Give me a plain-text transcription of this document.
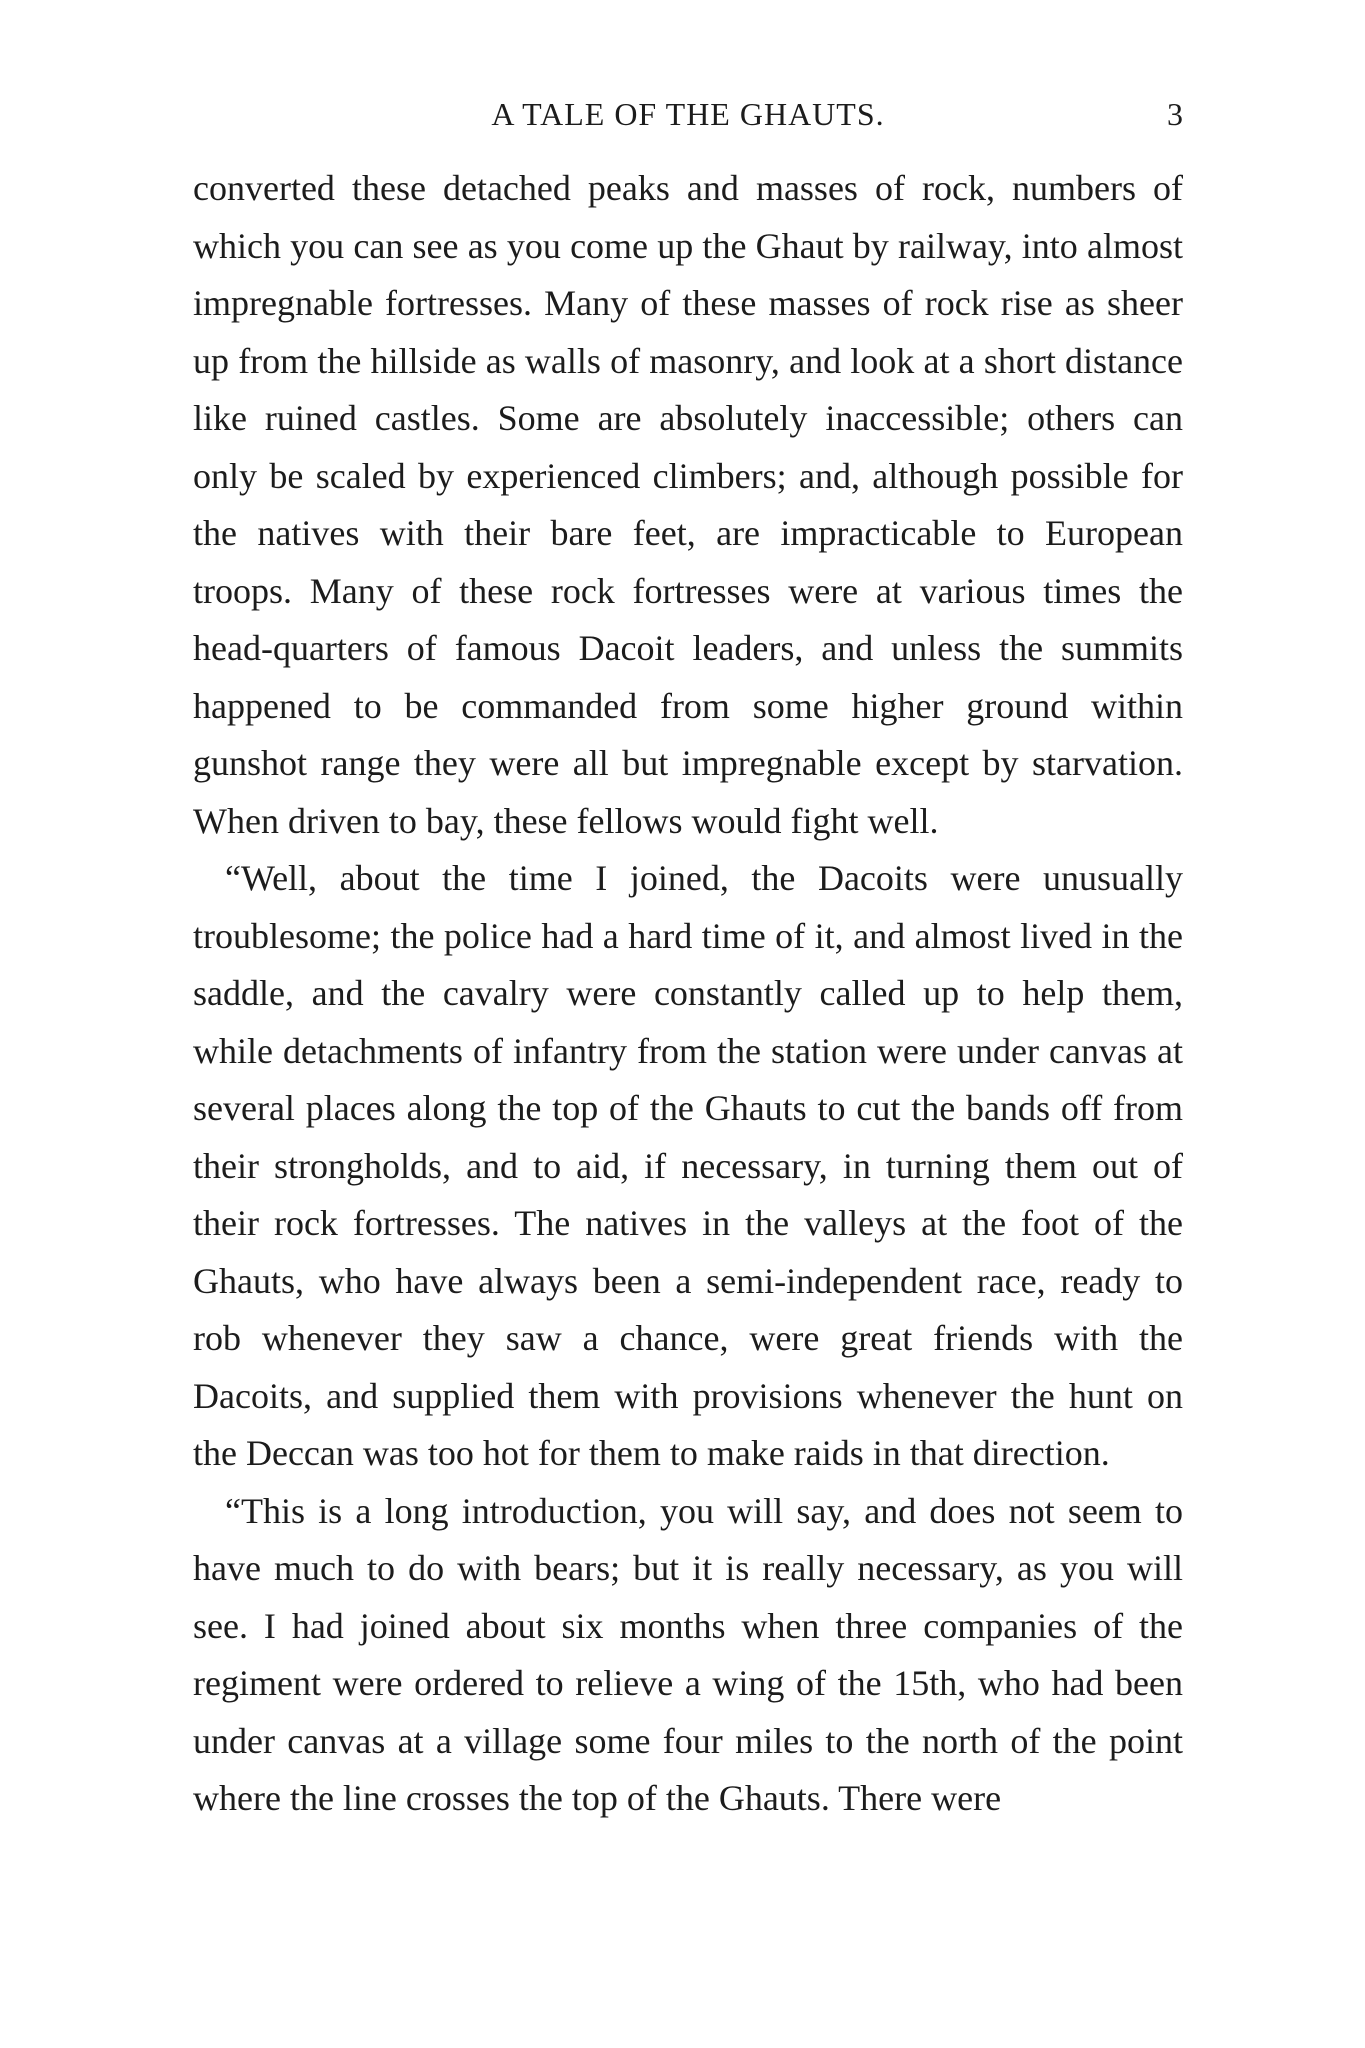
A TALE OF THE GHAUTS.	3

converted these detached peaks and masses of rock, numbers of which you can see as you come up the Ghaut by railway, into almost impregnable fortresses. Many of these masses of rock rise as sheer up from the hillside as walls of masonry, and look at a short distance like ruined castles. Some are absolutely inaccessible; others can only be scaled by experienced climbers; and, although possible for the natives with their bare feet, are impracticable to European troops. Many of these rock fortresses were at various times the head-quarters of famous Dacoit leaders, and unless the summits happened to be commanded from some higher ground within gunshot range they were all but impregnable except by starvation. When driven to bay, these fellows would fight well.

“Well, about the time I joined, the Dacoits were unusually troublesome; the police had a hard time of it, and almost lived in the saddle, and the cavalry were constantly called up to help them, while detachments of infantry from the station were under canvas at several places along the top of the Ghauts to cut the bands off from their strongholds, and to aid, if necessary, in turning them out of their rock fortresses. The natives in the valleys at the foot of the Ghauts, who have always been a semi-independent race, ready to rob whenever they saw a chance, were great friends with the Dacoits, and supplied them with provisions whenever the hunt on the Deccan was too hot for them to make raids in that direction.

“This is a long introduction, you will say, and does not seem to have much to do with bears; but it is really necessary, as you will see. I had joined about six months when three companies of the regiment were ordered to relieve a wing of the 15th, who had been under canvas at a village some four miles to the north of the point where the line crosses the top of the Ghauts. There were
